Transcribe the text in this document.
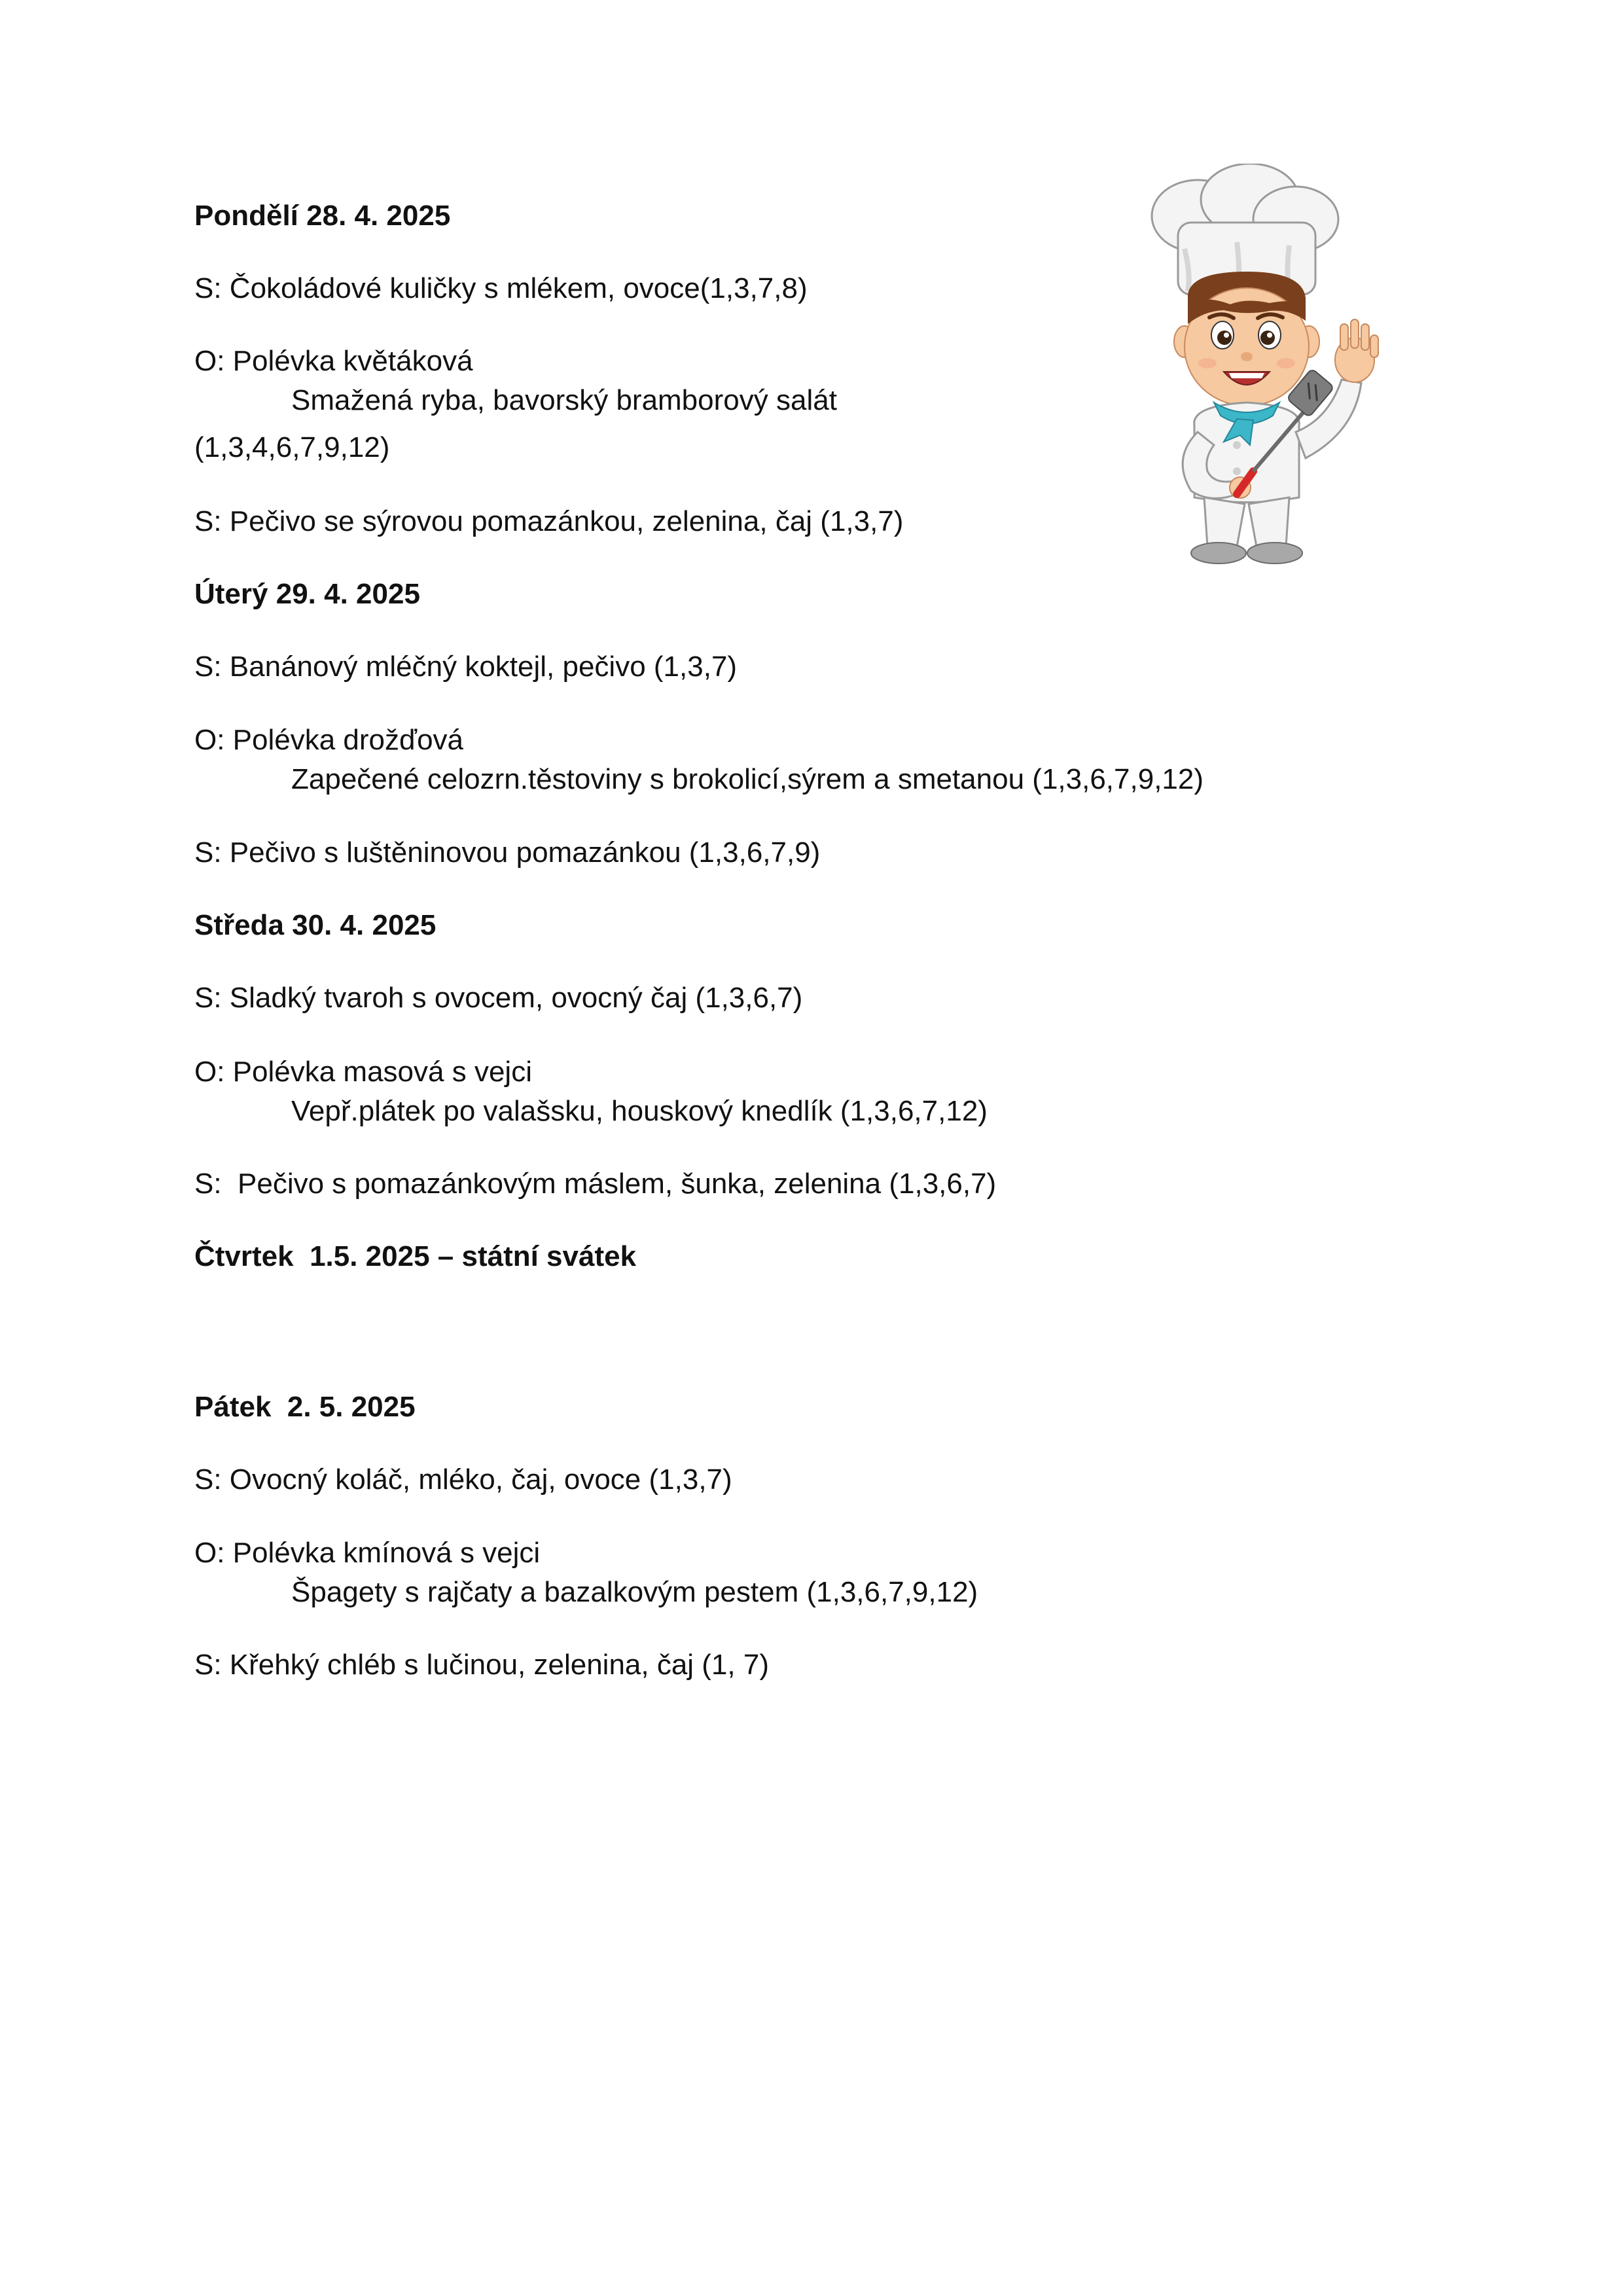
Pondělí 28. 4. 2025
S: Čokoládové kuličky s mlékem, ovoce(1,3,7,8)
O: Polévka květáková
Smažená ryba, bavorský bramborový salát
(1,3,4,6,7,9,12)
S: Pečivo se sýrovou pomazánkou, zelenina, čaj (1,3,7)
Úterý 29. 4. 2025
S: Banánový mléčný koktejl, pečivo (1,3,7)
O: Polévka drožďová
Zapečené celozrn.těstoviny s brokolicí,sýrem a smetanou (1,3,6,7,9,12)
S: Pečivo s luštěninovou pomazánkou (1,3,6,7,9)
Středa 30. 4. 2025
S: Sladký tvaroh s ovocem, ovocný čaj (1,3,6,7)
O: Polévka masová s vejci
Vepř.plátek po valašsku, houskový knedlík (1,3,6,7,12)
S:  Pečivo s pomazánkovým máslem, šunka, zelenina (1,3,6,7)
Čtvrtek  1.5. 2025 – státní svátek
Pátek  2. 5. 2025
S: Ovocný koláč, mléko, čaj, ovoce (1,3,7)
O: Polévka kmínová s vejci
Špagety s rajčaty a bazalkovým pestem (1,3,6,7,9,12)
S: Křehký chléb s lučinou, zelenina, čaj (1, 7)
